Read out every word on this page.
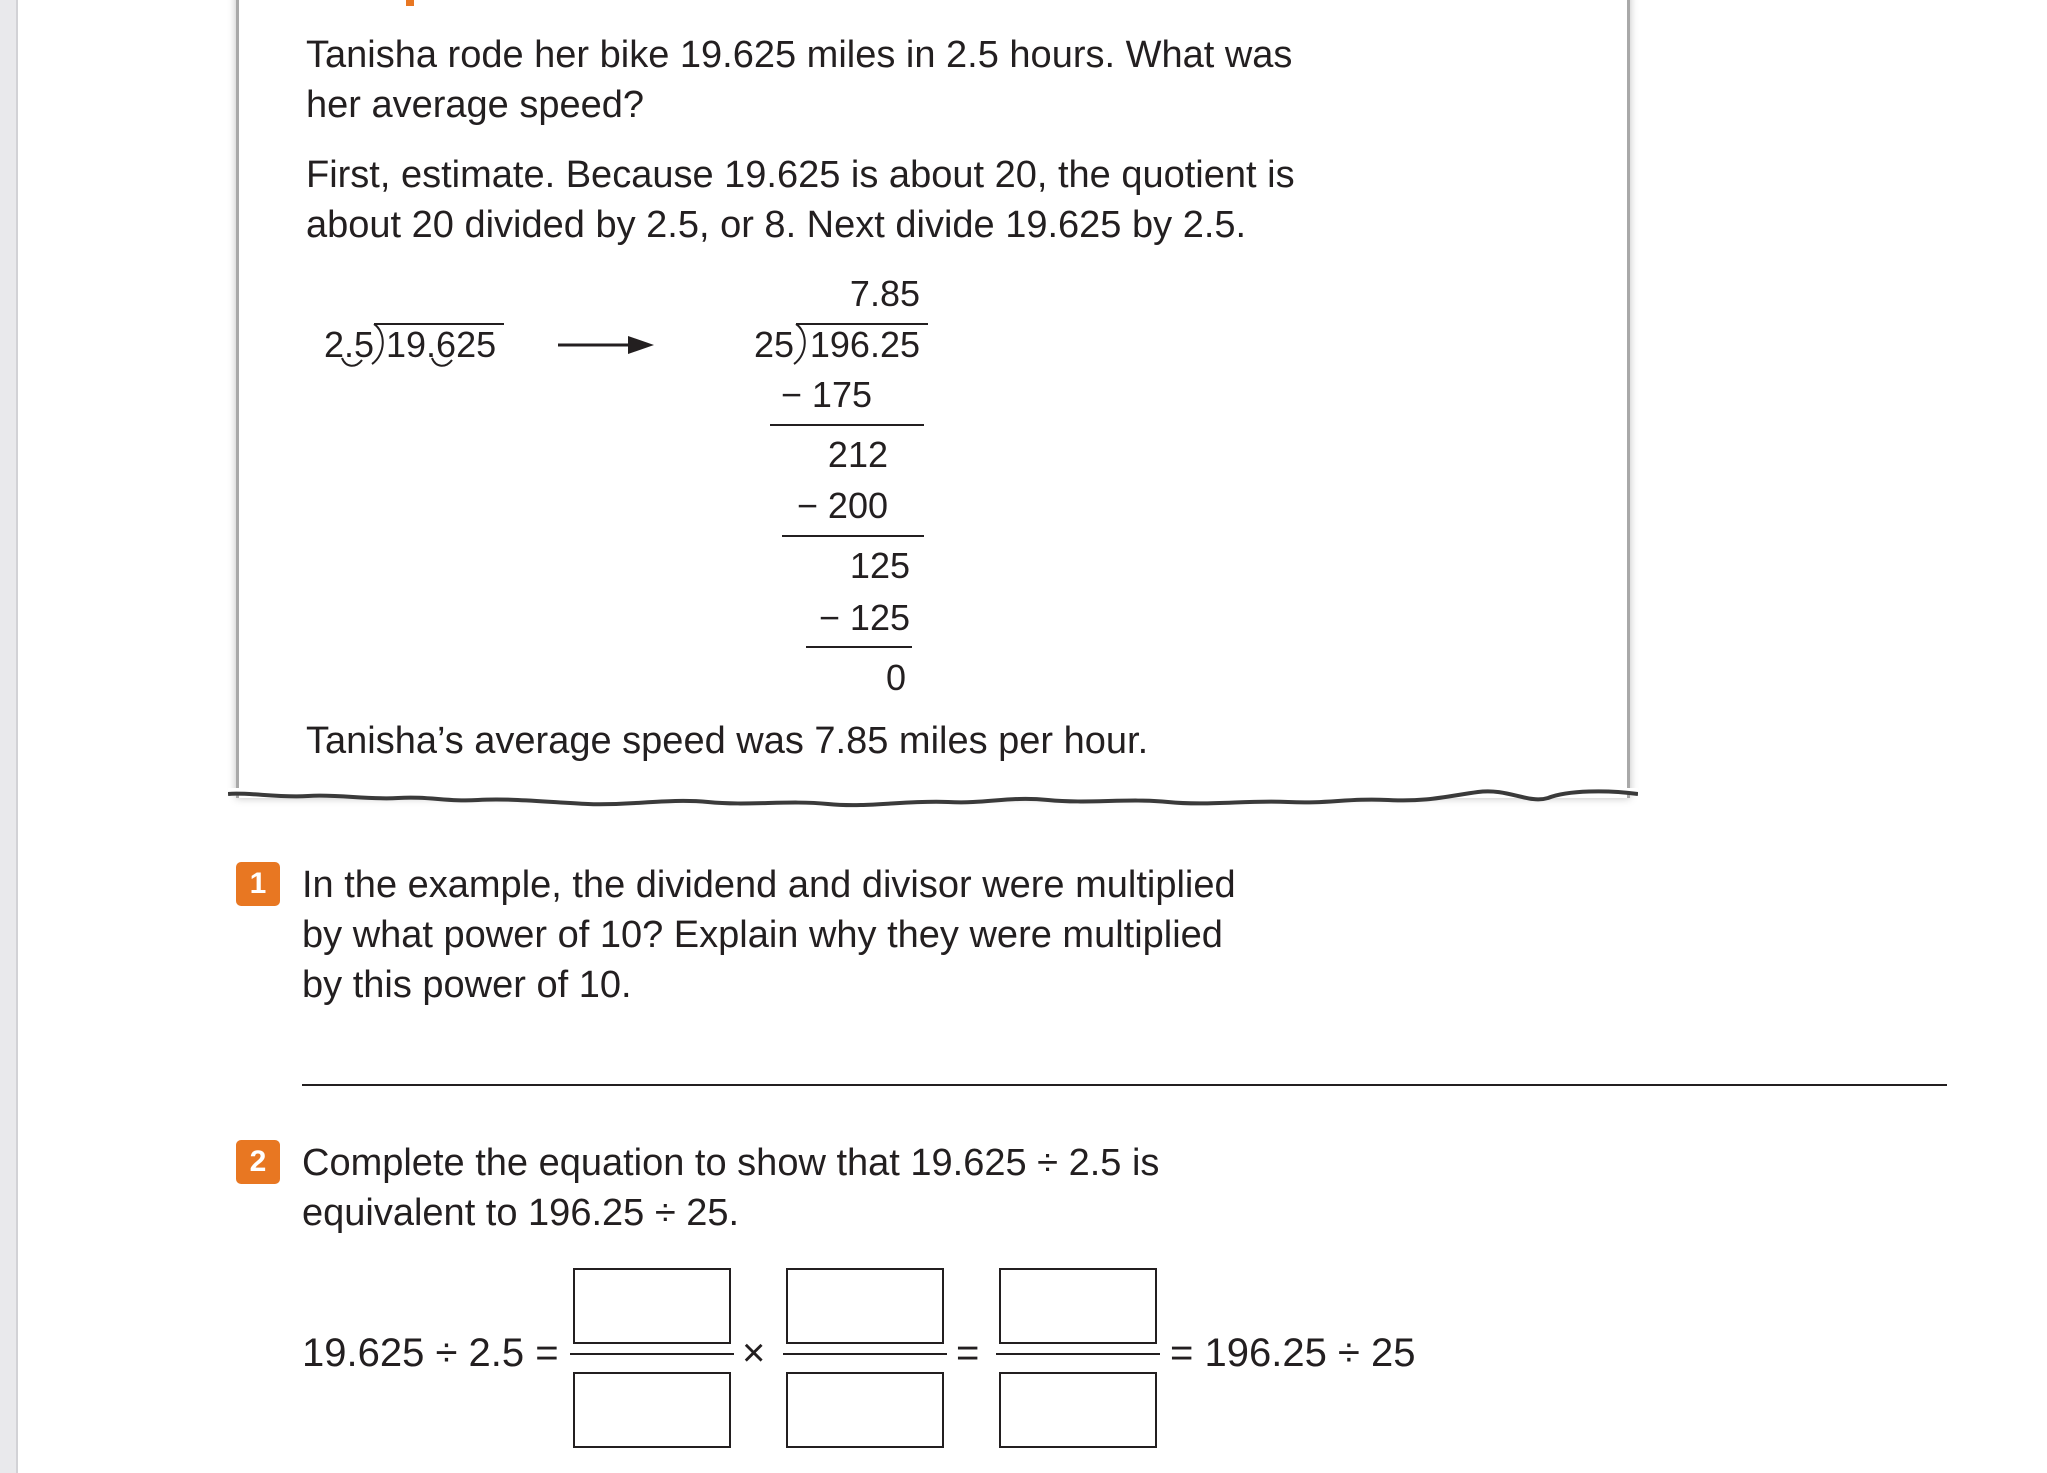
Tanisha rode her bike 19.625 miles in 2.5 hours. What was
her average speed?
First, estimate. Because 19.625 is about 20, the quotient is
about 20 divided by 2.5, or 8. Next divide 19.625 by 2.5.
2.5 19.625
7.85
25 196.25
− 175
212
− 200
125
− 125
0
Tanisha’s average speed was 7.85 miles per hour.
1 In the example, the dividend and divisor were multiplied
by what power of 10? Explain why they were multiplied
by this power of 10.
2 Complete the equation to show that 19.625 ÷ 2.5 is
equivalent to 196.25 ÷ 25.
19.625 ÷ 2.5 =	×	=	= 196.25 ÷ 25
